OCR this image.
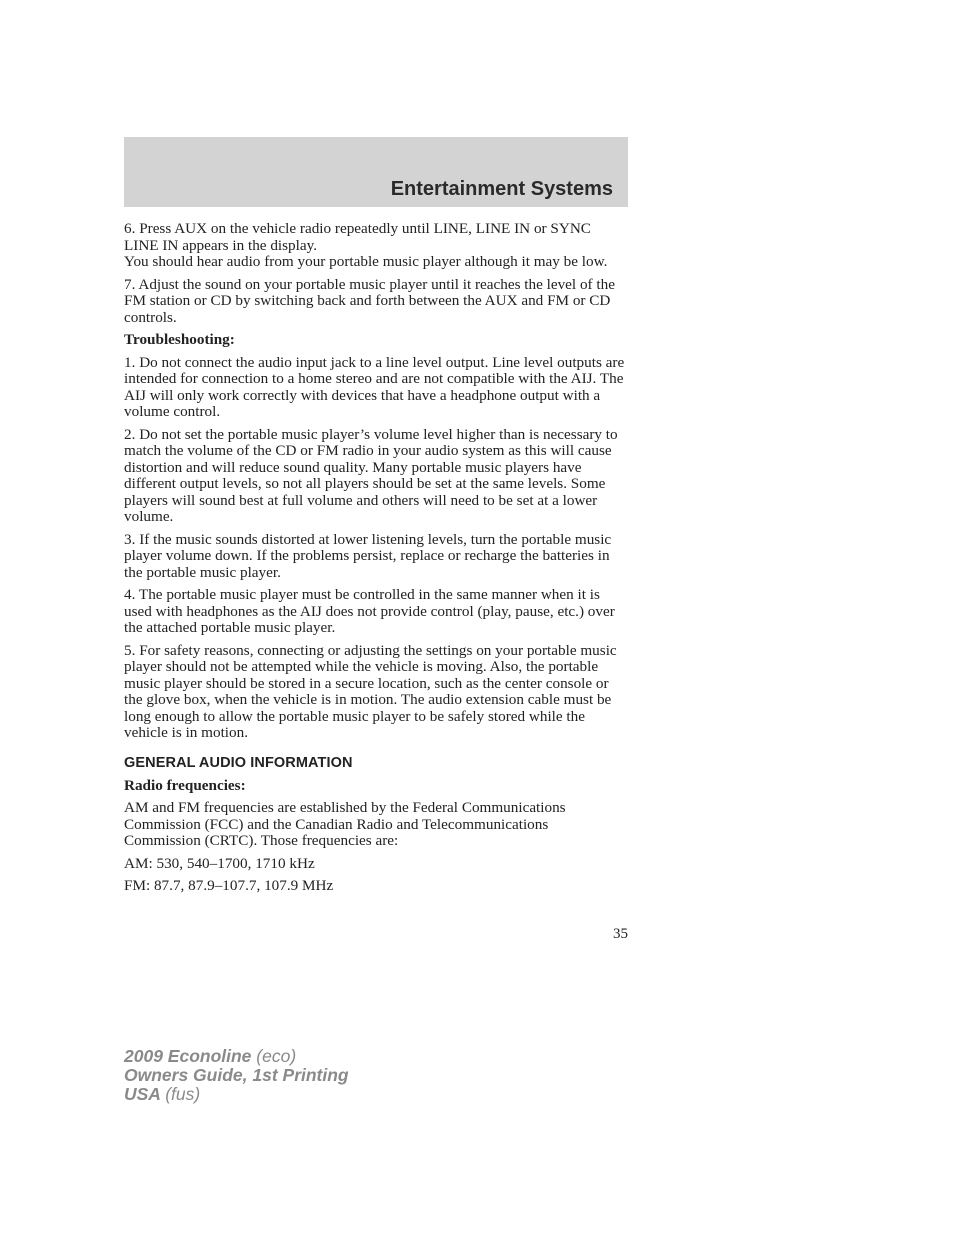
Entertainment Systems

6. Press AUX on the vehicle radio repeatedly until LINE, LINE IN or SYNC LINE IN appears in the display.

You should hear audio from your portable music player although it may be low.

7. Adjust the sound on your portable music player until it reaches the level of the FM station or CD by switching back and forth between the AUX and FM or CD controls.

Troubleshooting:

1. Do not connect the audio input jack to a line level output. Line level outputs are intended for connection to a home stereo and are not compatible with the AIJ. The AIJ will only work correctly with devices that have a headphone output with a volume control.

2. Do not set the portable music player’s volume level higher than is necessary to match the volume of the CD or FM radio in your audio system as this will cause distortion and will reduce sound quality. Many portable music players have different output levels, so not all players should be set at the same levels. Some players will sound best at full volume and others will need to be set at a lower volume.

3. If the music sounds distorted at lower listening levels, turn the portable music player volume down. If the problems persist, replace or recharge the batteries in the portable music player.

4. The portable music player must be controlled in the same manner when it is used with headphones as the AIJ does not provide control (play, pause, etc.) over the attached portable music player.

5. For safety reasons, connecting or adjusting the settings on your portable music player should not be attempted while the vehicle is moving. Also, the portable music player should be stored in a secure location, such as the center console or the glove box, when the vehicle is in motion. The audio extension cable must be long enough to allow the portable music player to be safely stored while the vehicle is in motion.

GENERAL AUDIO INFORMATION

Radio frequencies:

AM and FM frequencies are established by the Federal Communications Commission (FCC) and the Canadian Radio and Telecommunications Commission (CRTC). Those frequencies are:

AM: 530, 540–1700, 1710 kHz

FM: 87.7, 87.9–107.7, 107.9 MHz

35
2009 Econoline (eco)
Owners Guide, 1st Printing
USA (fus)
